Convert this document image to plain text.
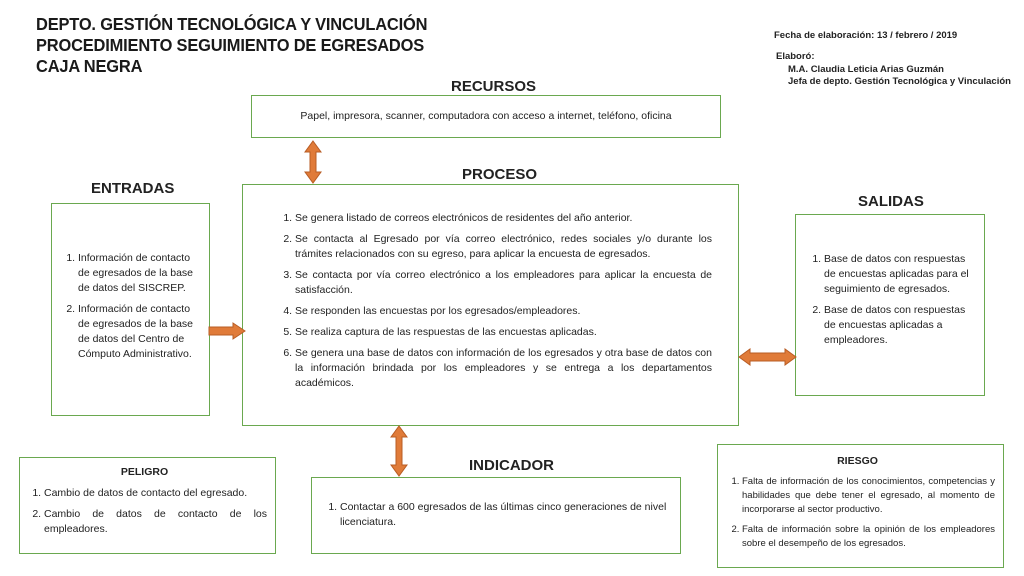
DEPTO. GESTIÓN TECNOLÓGICA Y VINCULACIÓN
PROCEDIMIENTO SEGUIMIENTO DE EGRESADOS
CAJA NEGRA
Fecha de elaboración: 13 / febrero / 2019
Elaboró:
M.A. Claudia Leticia Arias Guzmán
Jefa de depto. Gestión Tecnológica y Vinculación
RECURSOS
Papel, impresora, scanner, computadora con acceso a internet, teléfono, oficina
ENTRADAS
1. Información de contacto de egresados de la base de datos del SISCREP.
2. Información de contacto de egresados de la base de datos del Centro de Cómputo Administrativo.
PROCESO
1. Se genera listado de correos electrónicos de residentes del año anterior.
2. Se contacta al Egresado por vía correo electrónico, redes sociales y/o durante los trámites relacionados con su egreso, para aplicar la encuesta de egresados.
3. Se contacta por vía correo electrónico a los empleadores para aplicar la encuesta de satisfacción.
4. Se responden las encuestas por los egresados/empleadores.
5. Se realiza captura de las respuestas de las encuestas aplicadas.
6. Se genera una base de datos con información de los egresados y otra base de datos con la información brindada por los empleadores y se entrega a los departamentos académicos.
SALIDAS
1. Base de datos con respuestas de encuestas aplicadas para el seguimiento de egresados.
2. Base de datos con respuestas de encuestas aplicadas a empleadores.
INDICADOR
1. Contactar a 600 egresados de las últimas cinco generaciones de nivel licenciatura.
PELIGRO
1. Cambio de datos de contacto del egresado.
2. Cambio de datos de contacto de los empleadores.
RIESGO
1. Falta de información de los conocimientos, competencias y habilidades que debe tener el egresado, al momento de incorporarse al sector productivo.
2. Falta de información sobre la opinión de los empleadores sobre el desempeño de los egresados.
